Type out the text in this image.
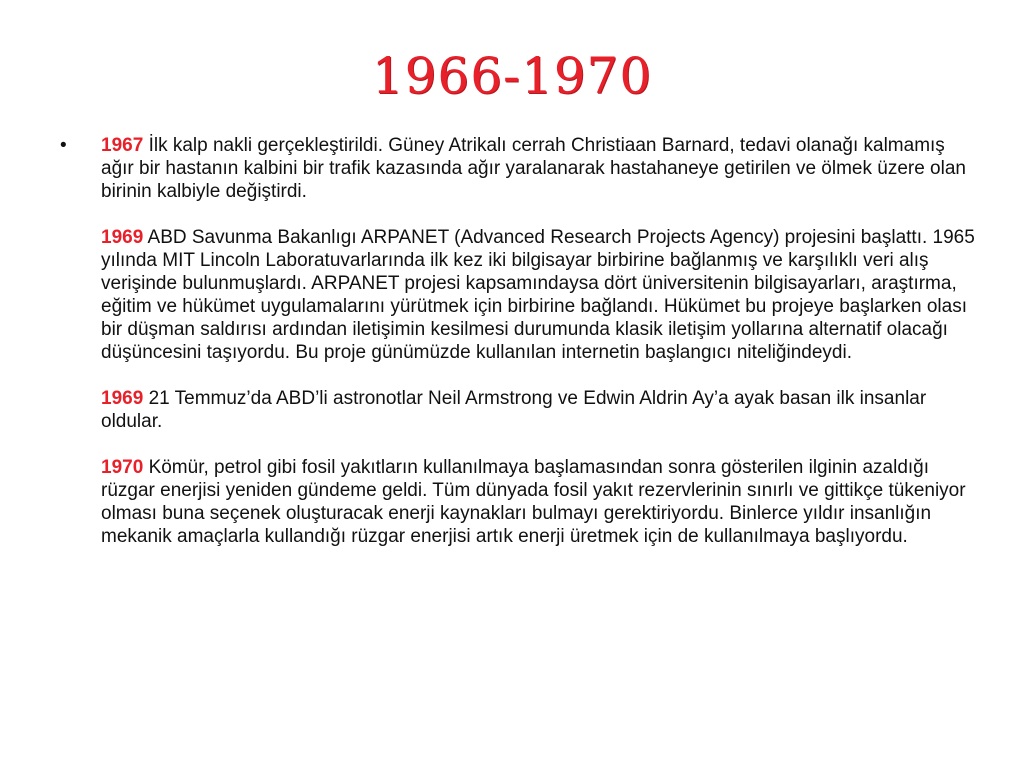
1966-1970
•	1967 İlk kalp nakli gerçekleştirildi. Güney Atrikalı cerrah Christiaan Barnard, tedavi olanağı kalmamış ağır bir hastanın kalbini bir trafik kazasında ağır yaralanarak hastahaneye getirilen ve ölmek üzere olan birinin kalbiyle değiştirdi.

1969 ABD Savunma Bakanlıgı ARPANET (Advanced Research Projects Agency) projesini başlattı. 1965 yılında MIT Lincoln Laboratuvarlarında ilk kez iki bilgisayar birbirine bağlanmış ve karşılıklı veri alış verişinde bulunmuşlardı. ARPANET projesi kapsamındaysa dört üniversitenin bilgisayarları, araştırma, eğitim ve hükümet uygulamalarını yürütmek için birbirine bağlandı. Hükümet bu projeye başlarken olası bir düşman saldırısı ardından iletişimin kesilmesi durumunda klasik iletişim yollarına alternatif olacağı düşüncesini taşıyordu. Bu proje günümüzde kullanılan internetin başlangıcı niteliğindeydi.

1969 21 Temmuz’da ABD’li astronotlar Neil Armstrong ve Edwin Aldrin Ay’a ayak basan ilk insanlar oldular.

1970 Kömür, petrol gibi fosil yakıtların kullanılmaya başlamasından sonra gösterilen ilginin azaldığı rüzgar enerjisi yeniden gündeme geldi. Tüm dünyada fosil yakıt rezervlerinin sınırlı ve gittikçe tükeniyor olması buna seçenek oluşturacak enerji kaynakları bulmayı gerektiriyordu. Binlerce yıldır insanlığın mekanik amaçlarla kullandığı rüzgar enerjisi artık enerji üretmek için de kullanılmaya başlıyordu.
